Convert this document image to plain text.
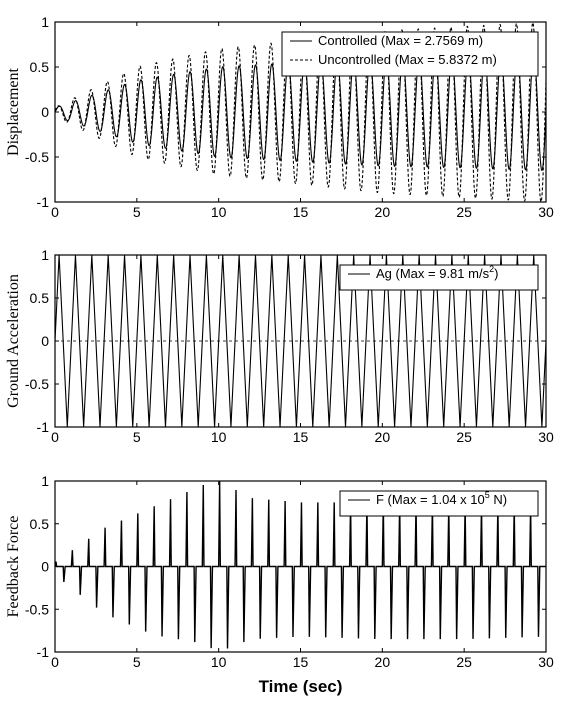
0	5	10	15	20	25	30
1
0.5
0
-0.5
-1
Displacement
Controlled (Max = 2.7569 m)
Uncontrolled (Max = 5.8372 m)
0	5	10	15	20	25	30
1
0.5
0
-0.5
-1
Ground Acceleration
Ag (Max = 9.81 $m/s^2$)
0	5	10	15	20	25	30
1
0.5
0
-0.5
-1
Feedback Force
Time (sec)
F (Max = 1.04 x $10^5$ N)
